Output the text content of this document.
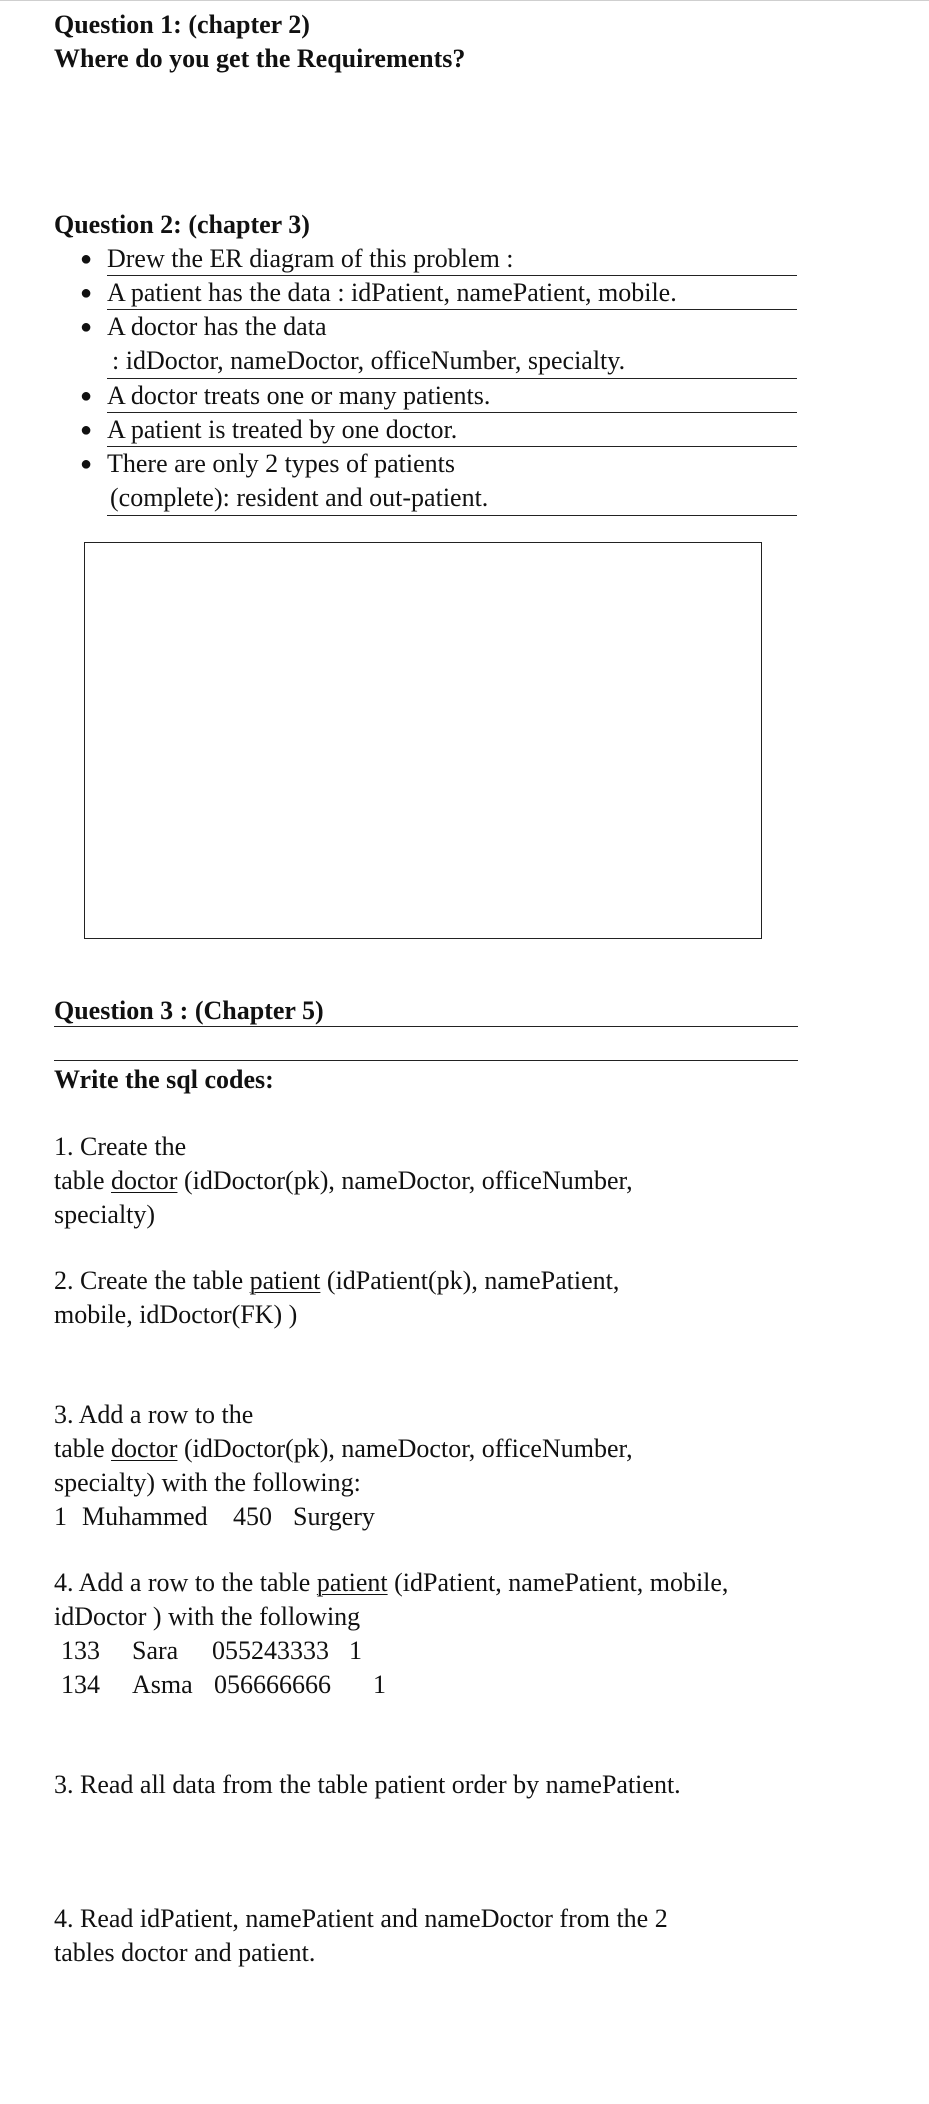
Question 1: (chapter 2)
Where do you get the Requirements?
Question 2: (chapter 3)
● Drew the ER diagram of this problem :
● A patient has the data : idPatient, namePatient, mobile.
● A doctor has the data
: idDoctor, nameDoctor, officeNumber, specialty.
● A doctor treats one or many patients.
● A patient is treated by one doctor.
● There are only 2 types of patients
(complete): resident and out-patient.
Question 3 : (Chapter 5)
Write the sql codes:
1. Create the
table doctor (idDoctor(pk), nameDoctor, officeNumber,
specialty)
2. Create the table patient (idPatient(pk), namePatient,
mobile, idDoctor(FK) )
3. Add a row to the
table doctor (idDoctor(pk), nameDoctor, officeNumber,
specialty) with the following:
1 Muhammed 450 Surgery
4. Add a row to the table patient (idPatient, namePatient, mobile,
idDoctor ) with the following
133 Sara 055243333 1
134 Asma 056666666 1
3. Read all data from the table patient order by namePatient.
4. Read idPatient, namePatient and nameDoctor from the 2
tables doctor and patient.
